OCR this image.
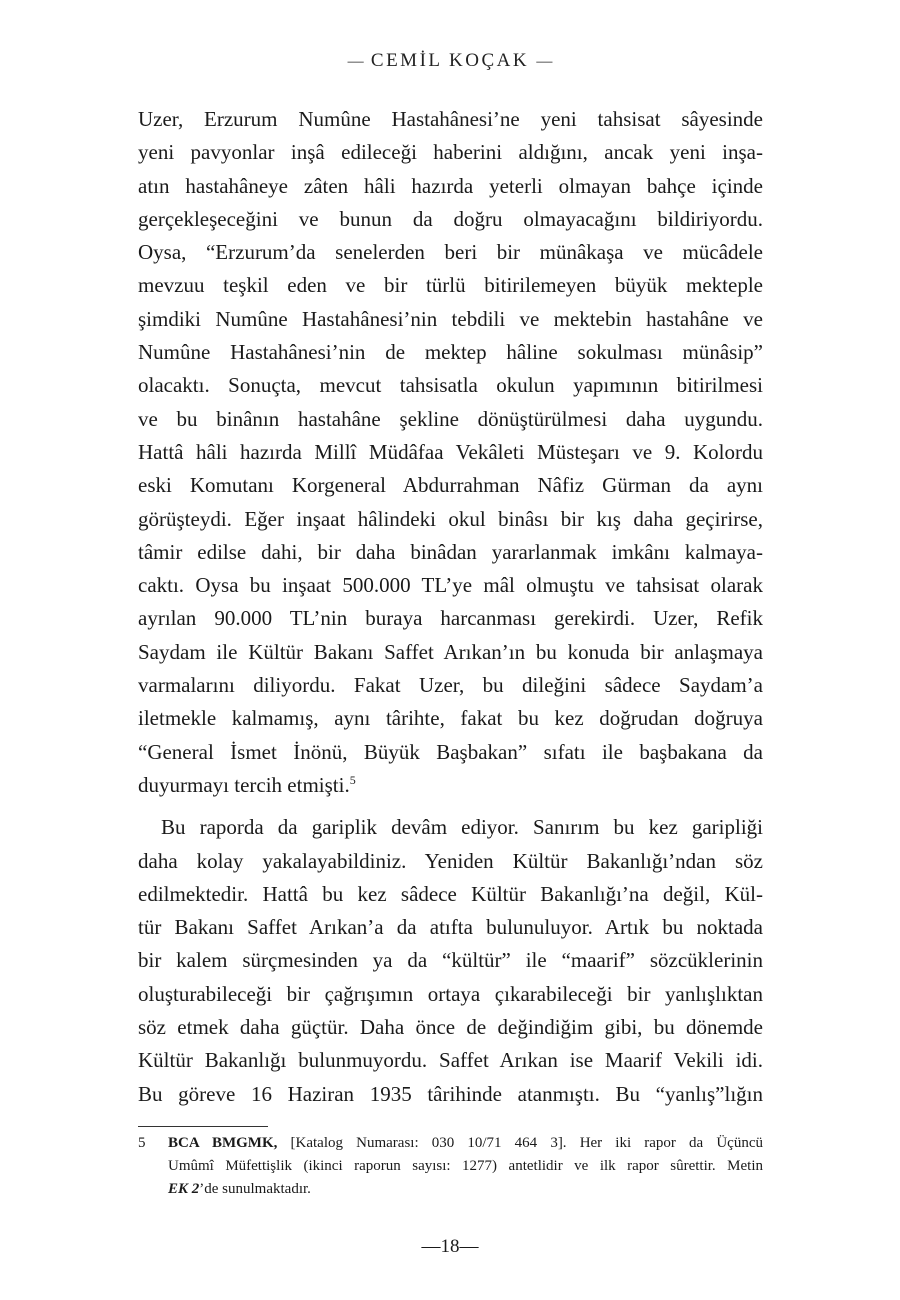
— CEMİL KOÇAK —
Uzer, Erzurum Numûne Hastahânesi’ne yeni tahsisat sâyesinde
yeni pavyonlar inşâ edileceği haberini aldığını, ancak yeni inşa-
atın hastahâneye zâten hâli hazırda yeterli olmayan bahçe içinde
gerçekleşeceğini ve bunun da doğru olmayacağını bildiriyordu.
Oysa, “Erzurum’da senelerden beri bir münâkaşa ve mücâdele
mevzuu teşkil eden ve bir türlü bitirilemeyen büyük mekteple
şimdiki Numûne Hastahânesi’nin tebdili ve mektebin hastahâne ve
Numûne Hastahânesi’nin de mektep hâline sokulması münâsip”
olacaktı. Sonuçta, mevcut tahsisatla okulun yapımının bitirilmesi
ve bu binânın hastahâne şekline dönüştürülmesi daha uygundu.
Hattâ hâli hazırda Millî Müdâfaa Vekâleti Müsteşarı ve 9. Kolordu
eski Komutanı Korgeneral Abdurrahman Nâfiz Gürman da aynı
görüşteydi. Eğer inşaat hâlindeki okul binâsı bir kış daha geçirirse,
tâmir edilse dahi, bir daha binâdan yararlanmak imkânı kalmaya-
caktı. Oysa bu inşaat 500.000 TL’ye mâl olmuştu ve tahsisat olarak
ayrılan 90.000 TL’nin buraya harcanması gerekirdi. Uzer, Refik
Saydam ile Kültür Bakanı Saffet Arıkan’ın bu konuda bir anlaşmaya
varmalarını diliyordu. Fakat Uzer, bu dileğini sâdece Saydam’a
iletmekle kalmamış, aynı târihte, fakat bu kez doğrudan doğruya
“General İsmet İnönü, Büyük Başbakan” sıfatı ile başbakana da
duyurmayı tercih etmişti.$^5$
Bu raporda da gariplik devâm ediyor. Sanırım bu kez garipliği
daha kolay yakalayabildiniz. Yeniden Kültür Bakanlığı’ndan söz
edilmektedir. Hattâ bu kez sâdece Kültür Bakanlığı’na değil, Kül-
tür Bakanı Saffet Arıkan’a da atıfta bulunuluyor. Artık bu noktada
bir kalem sürçmesinden ya da “kültür” ile “maarif” sözcüklerinin
oluşturabileceği bir çağrışımın ortaya çıkarabileceği bir yanlışlıktan
söz etmek daha güçtür. Daha önce de değindiğim gibi, bu dönemde
Kültür Bakanlığı bulunmuyordu. Saffet Arıkan ise Maarif Vekili idi.
Bu göreve 16 Haziran 1935 târihinde atanmıştı. Bu “yanlış”lığın
5	BCA BMGMK, [Katalog Numarası: 030 10/71 464 3]. Her iki rapor da Üçüncü
Umûmî Müfettişlik (ikinci raporun sayısı: 1277) antetlidir ve ilk rapor sûrettir. Metin
EK 2’de sunulmaktadır.
—18—
